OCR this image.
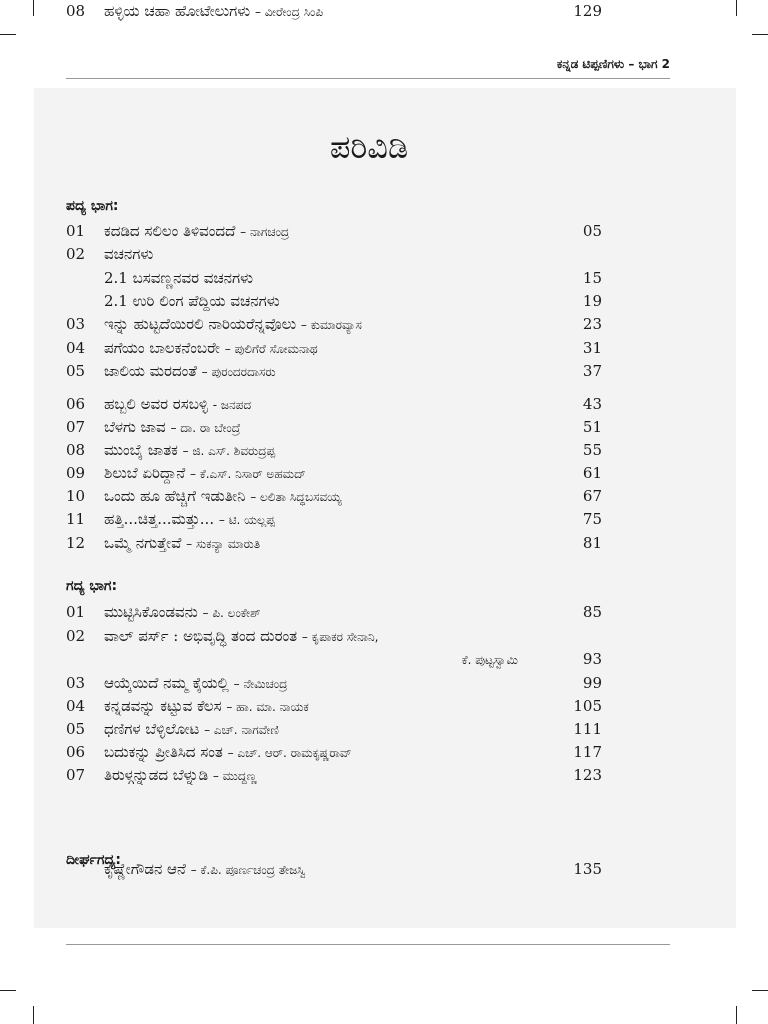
ಕನ್ನಡ ಟಿಪ್ಪಣಿಗಳು – ಭಾಗ 2
ಪರಿವಿಡಿ
ಪದ್ಯ ಭಾಗ:
01 ಕದಡಿದ ಸಲಿಲಂ ತಿಳಿವಂದದೆ – ನಾಗಚಂದ್ರ	05
02 ವಚನಗಳು
2.1 ಬಸವಣ್ಣನವರ ವಚನಗಳು	15
2.1 ಉರಿ ಲಿಂಗ ಪೆದ್ದಿಯ ವಚನಗಳು	19
03 ಇನ್ನು ಹುಟ್ಟದೆಯಿರಲಿ ನಾರಿಯರೆನ್ನವೊಲು – ಕುಮಾರವ್ಯಾಸ	23
04 ಪಗೆಯಂ ಬಾಲಕನೆಂಬರೇ – ಪುಲಿಗೆರೆ ಸೋಮನಾಥ	31
05 ಜಾಲಿಯ ಮರದಂತೆ – ಪುರಂದರದಾಸರು	37
06 ಹಬ್ಬಲಿ ಅವರ ರಸಬಳ್ಳಿ - ಜನಪದ	43
07 ಬೆಳಗು ಜಾವ – ದಾ. ರಾ ಬೇಂದ್ರೆ	51
08 ಮುಂಬೈ ಜಾತಕ – ಜಿ. ಎಸ್. ಶಿವರುದ್ರಪ್ಪ	55
09 ಶಿಲುಬೆ ಏರಿದ್ದಾನೆ – ಕೆ.ಎಸ್. ನಿಸಾರ್ ಅಹಮದ್	61
10 ಒಂದು ಹೂ ಹೆಚ್ಚಿಗೆ ಇಡುತೀನಿ – ಲಲಿತಾ ಸಿದ್ಧಬಸವಯ್ಯ	67
11 ಹತ್ತಿ...ಚಿತ್ತ...ಮತ್ತು... – ಟಿ. ಯಲ್ಲಪ್ಪ	75
12 ಒಮ್ಮೆ ನಗುತ್ತೇವೆ – ಸುಕನ್ಯಾ ಮಾರುತಿ	81
ಗದ್ಯ ಭಾಗ:
01 ಮುಟ್ಟಿಸಿಕೊಂಡವನು – ಪಿ. ಲಂಕೇಶ್	85
02 ವಾಲ್ ಪರ್ಸ್ : ಅಭಿವೃದ್ಧಿ ತಂದ ದುರಂತ – ಕೃಪಾಕರ ಸೇನಾನಿ,
ಕೆ. ಪುಟ್ಟಸ್ವಾಮಿ	93
03 ಆಯ್ಕೆಯಿದೆ ನಮ್ಮ ಕೈಯಲ್ಲಿ – ನೇಮಿಚಂದ್ರ	99
04 ಕನ್ನಡವನ್ನು ಕಟ್ಟುವ ಕೆಲಸ – ಹಾ. ಮಾ. ನಾಯಕ	105
05 ಧಣಿಗಳ ಬೆಳ್ಳಿಲೋಟ – ಎಚ್. ನಾಗವೇಣಿ	111
06 ಬದುಕನ್ನು ಪ್ರೀತಿಸಿದ ಸಂತ – ಎಚ್. ಆರ್. ರಾಮಕೃಷ್ಣರಾವ್	117
07 ತಿರುಳ್ಗನ್ನುಡದ ಬೆಳ್ನುಡಿ – ಮುದ್ದಣ್ಣ	123
08 ಹಳ್ಳಿಯ ಚಹಾ ಹೋಟೇಲುಗಳು – ವೀರೇಂದ್ರ ಸಿಂಪಿ	129
ದೀರ್ಘಗದ್ಯ:
ಕೃಷ್ಣೇಗೌಡನ ಆನೆ – ಕೆ.ಪಿ. ಪೂರ್ಣಚಂದ್ರ ತೇಜಸ್ವಿ	135
